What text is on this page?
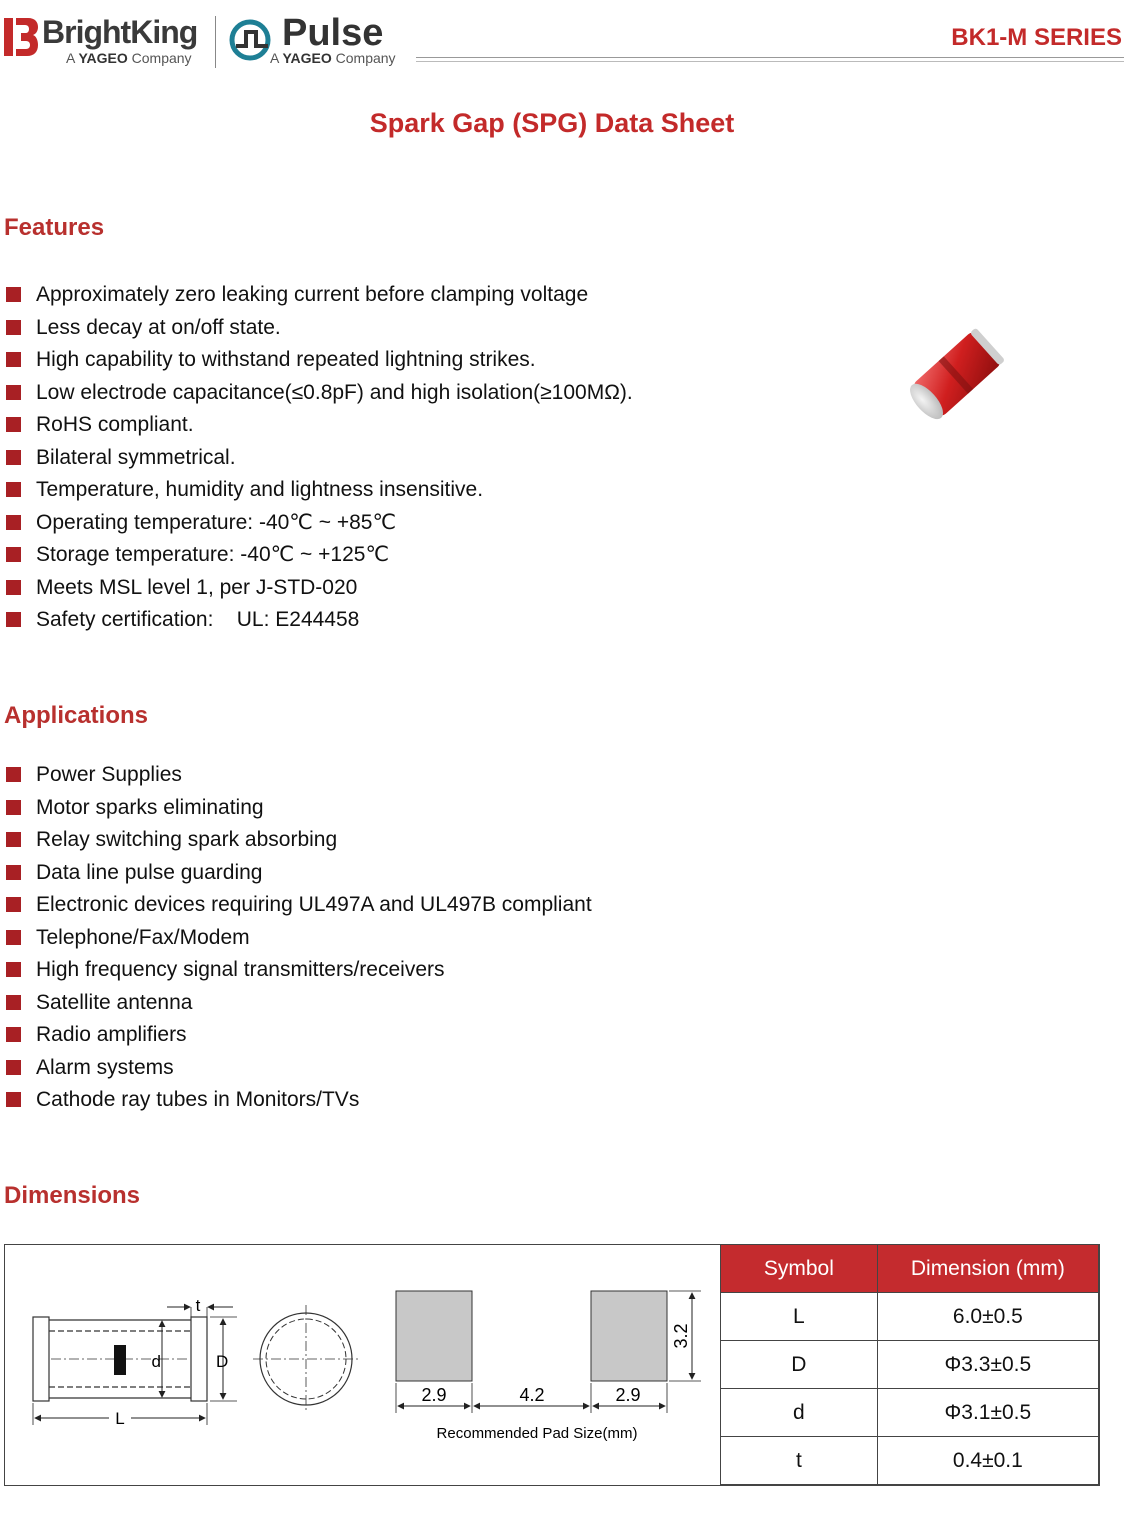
BrightKing
A YAGEO Company
Pulse
A YAGEO Company
BK1-M SERIES
Spark Gap (SPG) Data Sheet
Features
Approximately zero leaking current before clamping voltage
Less decay at on/off state.
High capability to withstand repeated lightning strikes.
Low electrode capacitance(≤0.8pF) and high isolation(≥100MΩ).
RoHS compliant.
Bilateral symmetrical.
Temperature, humidity and lightness insensitive.
Operating temperature: -40℃ ~ +85℃
Storage temperature: -40℃ ~ +125℃
Meets MSL level 1, per J-STD-020
Safety certification:    UL: E244458
Applications
Power Supplies
Motor sparks eliminating
Relay switching spark absorbing
Data line pulse guarding
Electronic devices requiring UL497A and UL497B compliant
Telephone/Fax/Modem
High frequency signal transmitters/receivers
Satellite antenna
Radio amplifiers
Alarm systems
Cathode ray tubes in Monitors/TVs
Dimensions
d
t
D
L
2.9	4.2	2.9
3.2
Recommended Pad Size(mm)
Symbol	Dimension (mm)
L	6.0±0.5
D	Φ3.3±0.5
d	Φ3.1±0.5
t	0.4±0.1
